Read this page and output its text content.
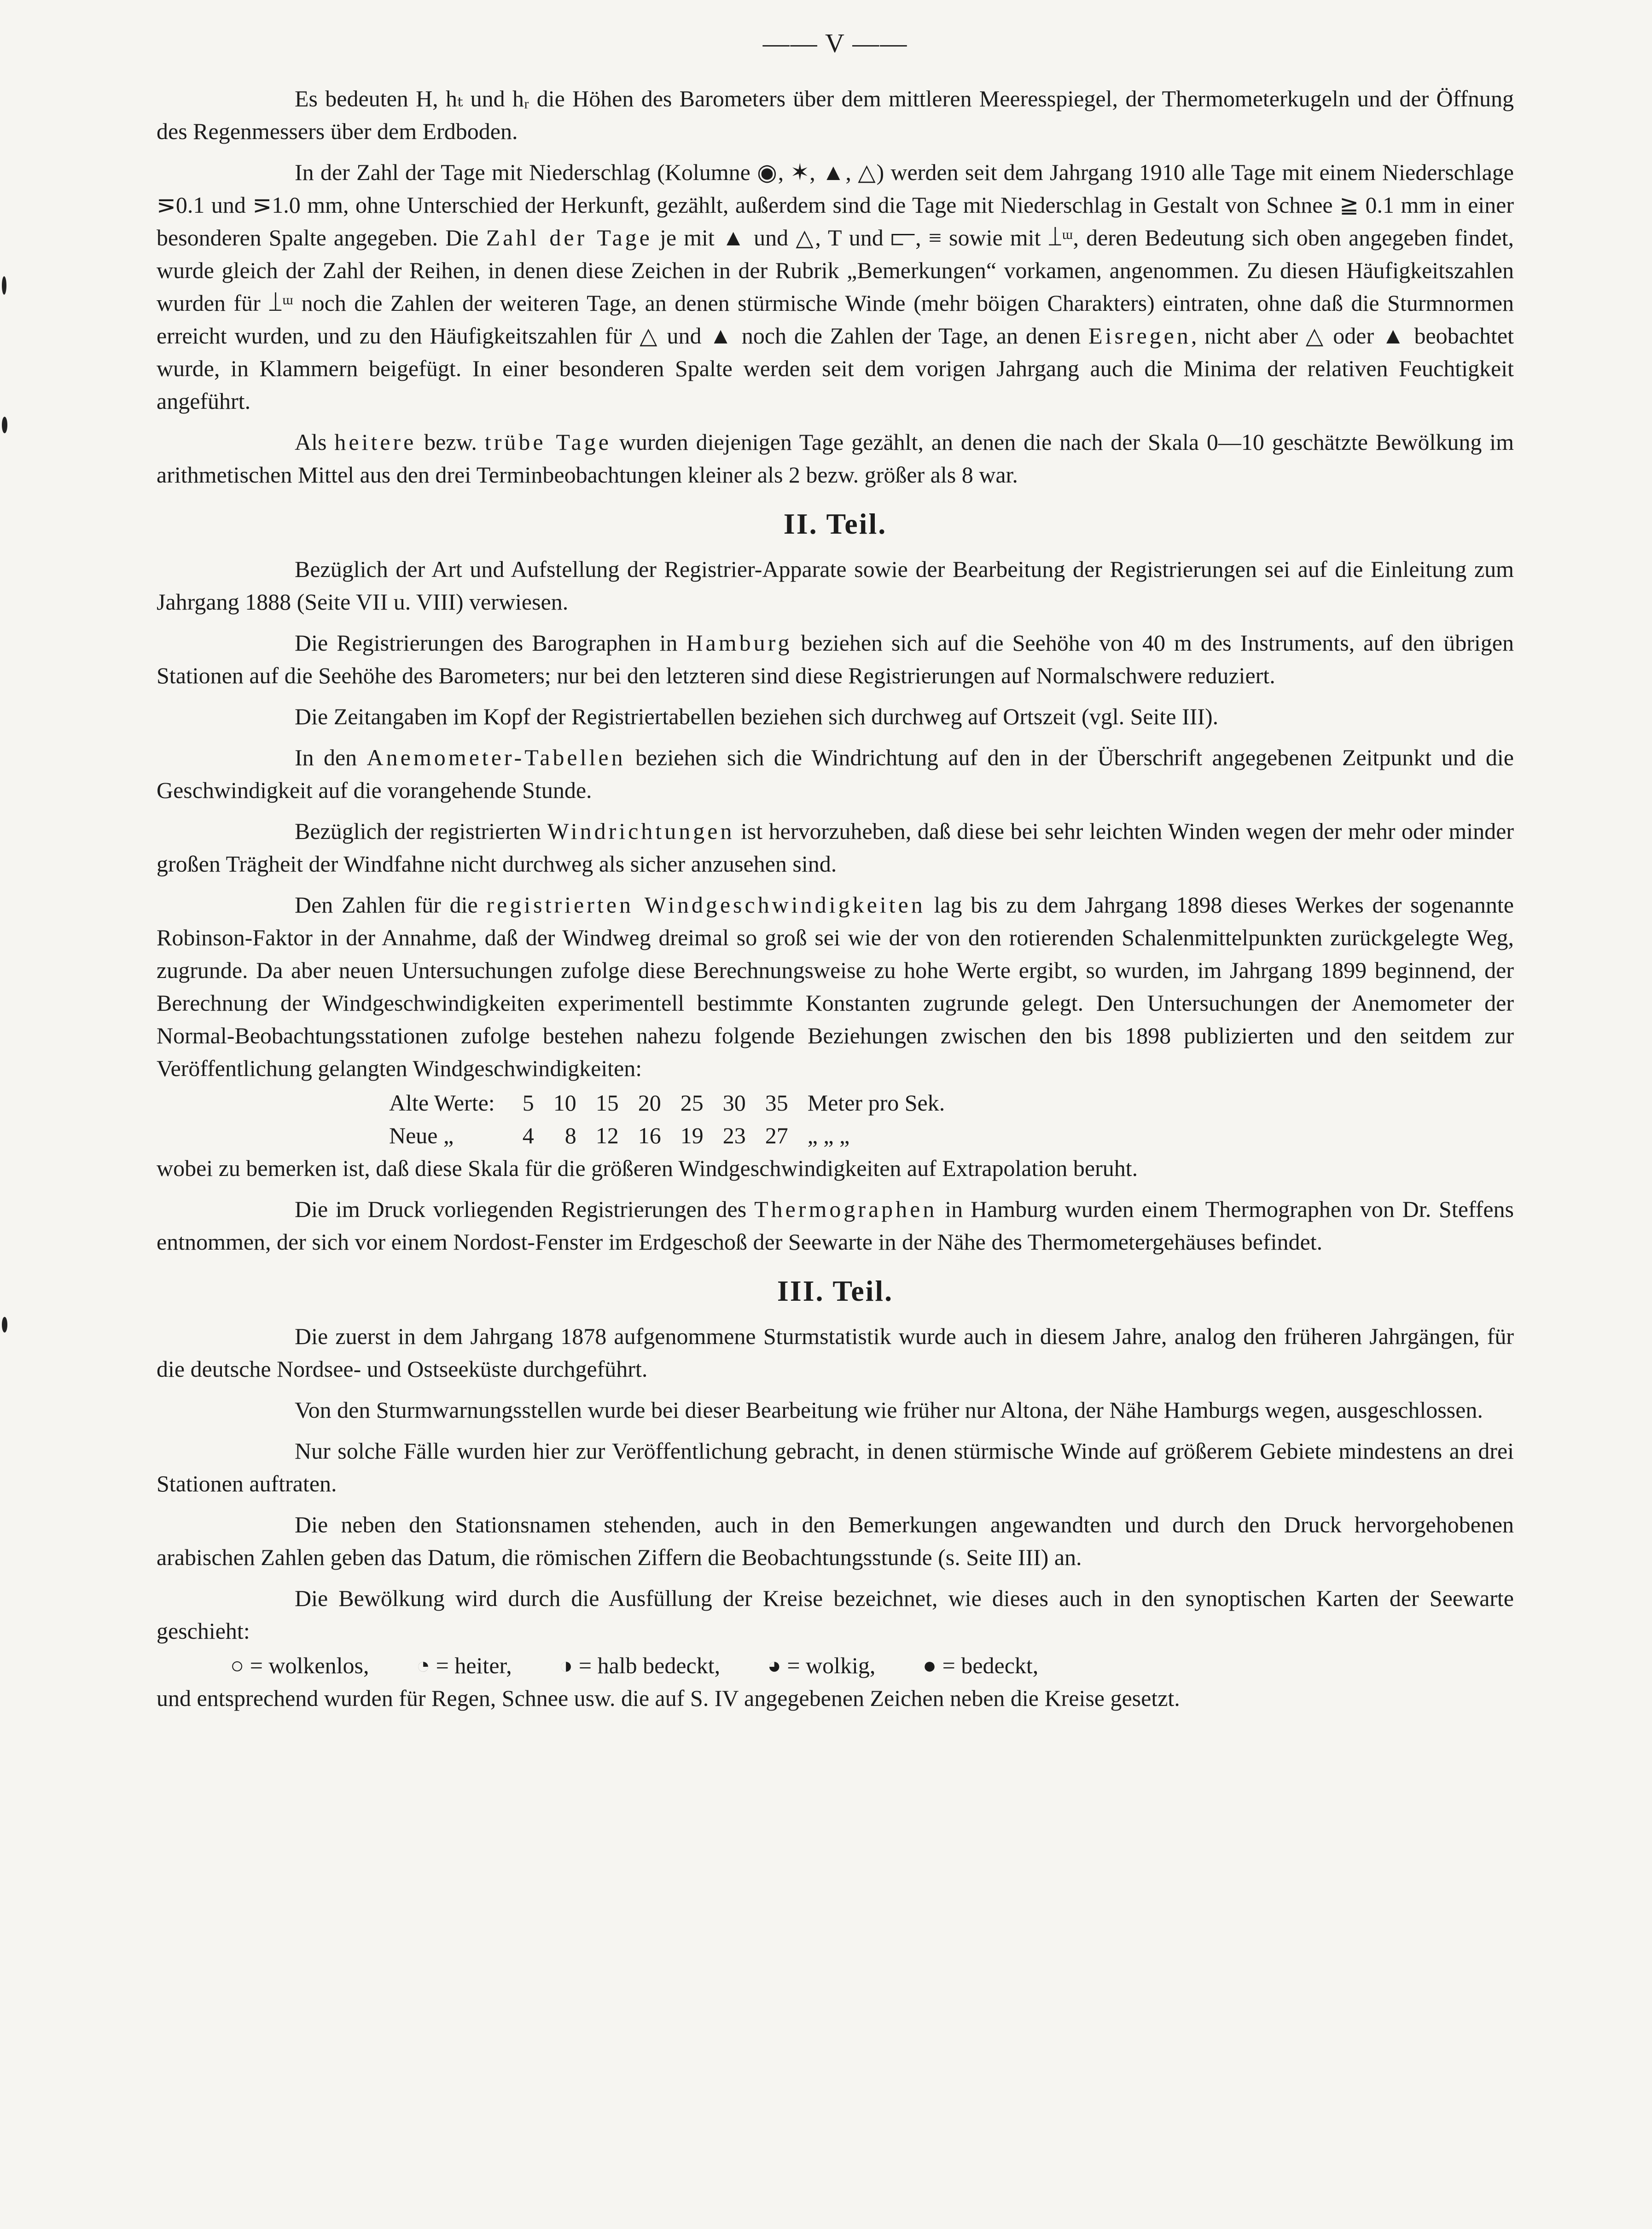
—— V ——

Es bedeuten H, hₜ und hᵣ die Höhen des Barometers über dem mittleren Meeresspiegel, der Thermometerkugeln und der Öffnung des Regenmessers über dem Erdboden.

In der Zahl der Tage mit Niederschlag (Kolumne ◉, ✶, ▲, △) werden seit dem Jahrgang 1910 alle Tage mit einem Niederschlage ⋝0.1 und ⋝1.0 mm, ohne Unterschied der Herkunft, gezählt, außerdem sind die Tage mit Niederschlag in Gestalt von Schnee ≧ 0.1 mm in einer besonderen Spalte angegeben. Die Zahl der Tage je mit ▲ und △, T und ⫍, ≡ sowie mit ⟘ᵚ, deren Bedeutung sich oben angegeben findet, wurde gleich der Zahl der Reihen, in denen diese Zeichen in der Rubrik „Bemerkungen“ vorkamen, angenommen. Zu diesen Häufigkeitszahlen wurden für ⟘ᵚ noch die Zahlen der weiteren Tage, an denen stürmische Winde (mehr böigen Charakters) eintraten, ohne daß die Sturmnormen erreicht wurden, und zu den Häufigkeitszahlen für △ und ▲ noch die Zahlen der Tage, an denen Eisregen, nicht aber △ oder ▲ beobachtet wurde, in Klammern beigefügt. In einer besonderen Spalte werden seit dem vorigen Jahrgang auch die Minima der relativen Feuchtigkeit angeführt.

Als heitere bezw. trübe Tage wurden diejenigen Tage gezählt, an denen die nach der Skala 0—10 geschätzte Bewölkung im arithmetischen Mittel aus den drei Terminbeobachtungen kleiner als 2 bezw. größer als 8 war.

II. Teil.

Bezüglich der Art und Aufstellung der Registrier-Apparate sowie der Bearbeitung der Registrierungen sei auf die Einleitung zum Jahrgang 1888 (Seite VII u. VIII) verwiesen.

Die Registrierungen des Barographen in Hamburg beziehen sich auf die Seehöhe von 40 m des Instruments, auf den übrigen Stationen auf die Seehöhe des Barometers; nur bei den letzteren sind diese Registrierungen auf Normalschwere reduziert.

Die Zeitangaben im Kopf der Registriertabellen beziehen sich durchweg auf Ortszeit (vgl. Seite III).

In den Anemometer-Tabellen beziehen sich die Windrichtung auf den in der Überschrift angegebenen Zeitpunkt und die Geschwindigkeit auf die vorangehende Stunde.

Bezüglich der registrierten Windrichtungen ist hervorzuheben, daß diese bei sehr leichten Winden wegen der mehr oder minder großen Trägheit der Windfahne nicht durchweg als sicher anzusehen sind.

Den Zahlen für die registrierten Windgeschwindigkeiten lag bis zu dem Jahrgang 1898 dieses Werkes der sogenannte Robinson-Faktor in der Annahme, daß der Windweg dreimal so groß sei wie der von den rotierenden Schalenmittelpunkten zurückgelegte Weg, zugrunde. Da aber neuen Untersuchungen zufolge diese Berechnungsweise zu hohe Werte ergibt, so wurden, im Jahrgang 1899 beginnend, der Berechnung der Windgeschwindigkeiten experimentell bestimmte Konstanten zugrunde gelegt. Den Untersuchungen der Anemometer der Normal-Beobachtungsstationen zufolge bestehen nahezu folgende Beziehungen zwischen den bis 1898 publizierten und den seitdem zur Veröffentlichung gelangten Windgeschwindigkeiten:

Alte Werte:	5	10	15	20	25	30	35	Meter pro Sek.
Neue „	4	8	12	16	19	23	27	„ „ „

wobei zu bemerken ist, daß diese Skala für die größeren Windgeschwindigkeiten auf Extrapolation beruht.

Die im Druck vorliegenden Registrierungen des Thermographen in Hamburg wurden einem Thermographen von Dr. Steffens entnommen, der sich vor einem Nordost-Fenster im Erdgeschoß der Seewarte in der Nähe des Thermometergehäuses befindet.

III. Teil.

Die zuerst in dem Jahrgang 1878 aufgenommene Sturmstatistik wurde auch in diesem Jahre, analog den früheren Jahrgängen, für die deutsche Nordsee- und Ostseeküste durchgeführt.

Von den Sturmwarnungsstellen wurde bei dieser Bearbeitung wie früher nur Altona, der Nähe Hamburgs wegen, ausgeschlossen.

Nur solche Fälle wurden hier zur Veröffentlichung gebracht, in denen stürmische Winde auf größerem Gebiete mindestens an drei Stationen auftraten.

Die neben den Stationsnamen stehenden, auch in den Bemerkungen angewandten und durch den Druck hervorgehobenen arabischen Zahlen geben das Datum, die römischen Ziffern die Beobachtungsstunde (s. Seite III) an.

Die Bewölkung wird durch die Ausfüllung der Kreise bezeichnet, wie dieses auch in den synoptischen Karten der Seewarte geschieht:

○ = wolkenlos, ◔ = heiter, ◑ = halb bedeckt, ◕ = wolkig, ● = bedeckt,

und entsprechend wurden für Regen, Schnee usw. die auf S. IV angegebenen Zeichen neben die Kreise gesetzt.
